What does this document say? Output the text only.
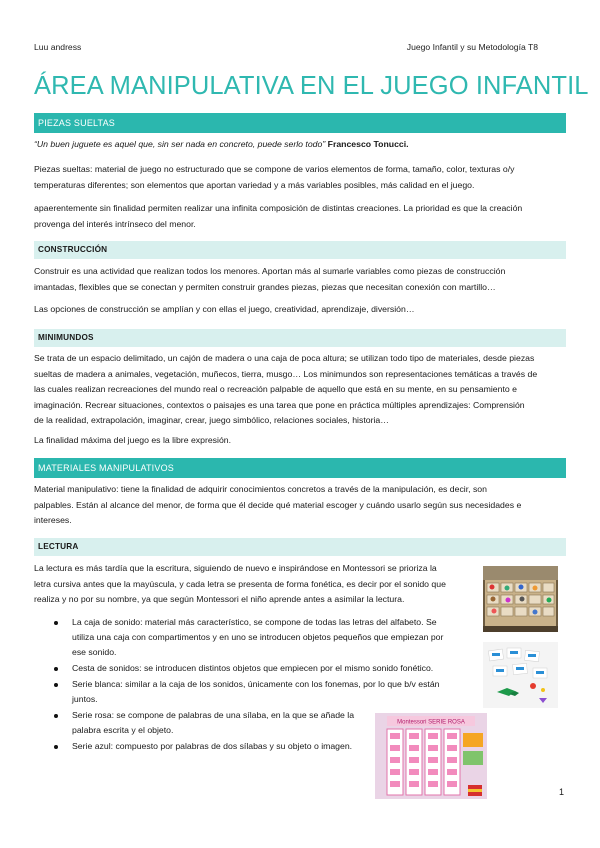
Luu andress	Juego Infantil y su Metodología T8
ÁREA MANIPULATIVA EN EL JUEGO INFANTIL
PIEZAS SUELTAS
“Un buen juguete es aquel que, sin ser nada en concreto, puede serlo todo” Francesco Tonucci.
Piezas sueltas: material de juego no estructurado que se compone de varios elementos de forma, tamaño, color, texturas o/y
temperaturas diferentes; son elementos que aportan variedad y a más variables posibles, más calidad en el juego.
apaerentemente sin finalidad permiten realizar una infinita composición de distintas creaciones. La prioridad es que la creación
provenga del interés intrínseco del menor.
CONSTRUCCIÓN
Construir es una actividad que realizan todos los menores. Aportan más al sumarle variables como piezas de construcción
imantadas, flexibles que se conectan y permiten construir grandes piezas, piezas que necesitan conexión con martillo…
Las opciones de construcción se amplían y con ellas el juego, creatividad, aprendizaje, diversión…
MINIMUNDOS
Se trata de un espacio delimitado, un cajón de madera o una caja de poca altura; se utilizan todo tipo de materiales, desde piezas
sueltas de madera a animales, vegetación, muñecos, tierra, musgo… Los minimundos son representaciones temáticas a través de
las cuales realizan recreaciones del mundo real o recreación palpable de aquello que está en su mente, en su pensamiento e
imaginación. Recrear situaciones, contextos o paisajes es una tarea que pone en práctica múltiples aprendizajes: Comprensión
de la realidad, extrapolación, imaginar, crear, juego simbólico, relaciones sociales, historia…
La finalidad máxima del juego es la libre expresión.
MATERIALES MANIPULATIVOS
Material manipulativo: tiene la finalidad de adquirir conocimientos concretos a través de la manipulación, es decir, son
palpables. Están al alcance del menor, de forma que él decide qué material escoger y cuándo usarlo según sus necesidades e
intereses.
LECTURA
La lectura es más tardía que la escritura, siguiendo de nuevo e inspirándose en Montessori se prioriza la
letra cursiva antes que la mayúscula, y cada letra se presenta de forma fonética, es decir por el sonido que
realiza y no por su nombre, ya que según Montessori el niño aprende antes a asimilar la lectura.
La caja de sonido: material más característico, se compone de todas las letras del alfabeto. Se
utiliza una caja con compartimentos y en uno se introducen objetos pequeños que empiezan por
ese sonido.
Cesta de sonidos: se introducen distintos objetos que empiecen por el mismo sonido fonético.
Serie blanca: similar a la caja de los sonidos, únicamente con los fonemas, por lo que b/v están
juntos.
Serie rosa: se compone de palabras de una sílaba, en la que se añade la
palabra escrita y el objeto.
Serie azul: compuesto por palabras de dos sílabas y su objeto o imagen.
Montessori SERIE ROSA
1
